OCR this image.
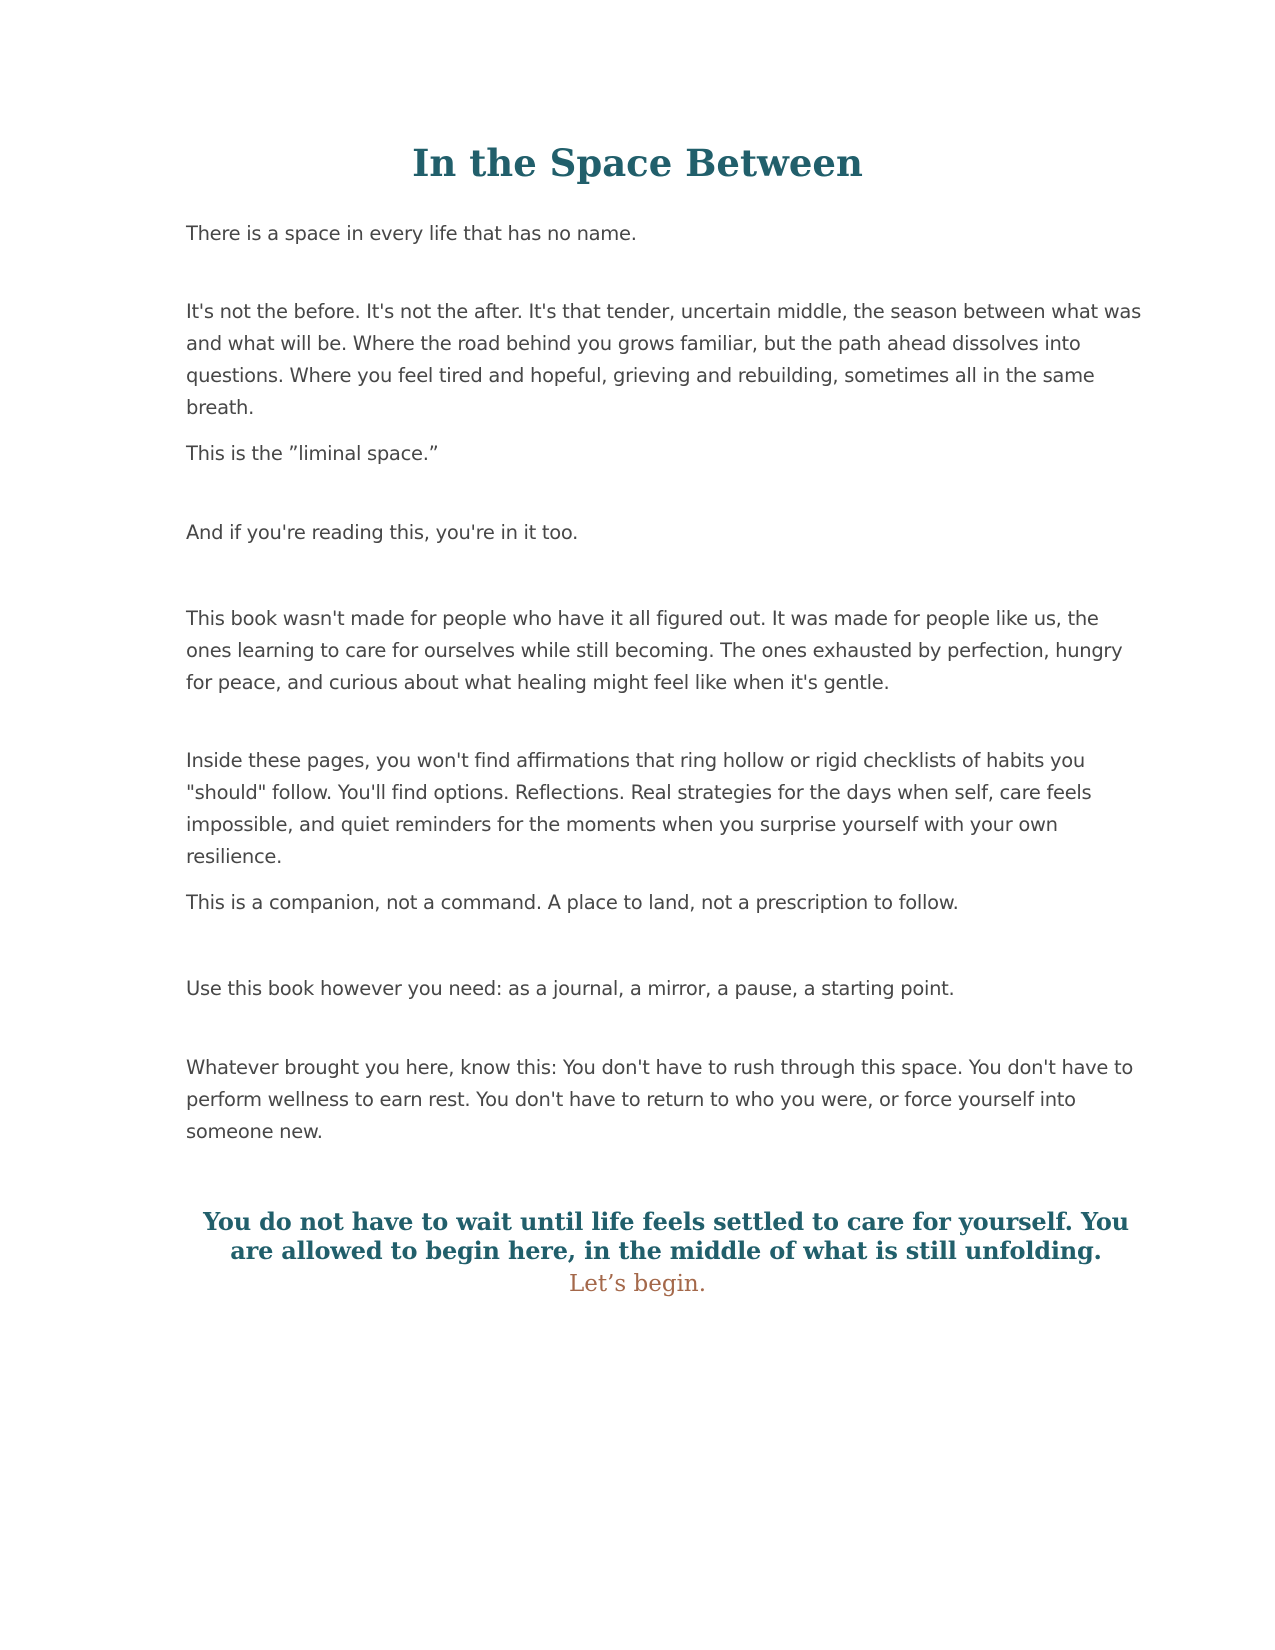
In the Space Between

There is a space in every life that has no name.

It's not the before. It's not the after. It's that tender, uncertain middle, the season between what was and what will be. Where the road behind you grows familiar, but the path ahead dissolves into questions. Where you feel tired and hopeful, grieving and rebuilding, sometimes all in the same breath.

This is the ”liminal space.”

And if you're reading this, you're in it too.

This book wasn't made for people who have it all figured out. It was made for people like us, the ones learning to care for ourselves while still becoming. The ones exhausted by perfection, hungry for peace, and curious about what healing might feel like when it's gentle.

Inside these pages, you won't find affirmations that ring hollow or rigid checklists of habits you "should" follow. You'll find options. Reflections. Real strategies for the days when self, care feels impossible, and quiet reminders for the moments when you surprise yourself with your own resilience.

This is a companion, not a command. A place to land, not a prescription to follow.

Use this book however you need: as a journal, a mirror, a pause, a starting point.

Whatever brought you here, know this: You don't have to rush through this space. You don't have to perform wellness to earn rest. You don't have to return to who you were, or force yourself into someone new.

You do not have to wait until life feels settled to care for yourself. You are allowed to begin here, in the middle of what is still unfolding.

Let’s begin.
